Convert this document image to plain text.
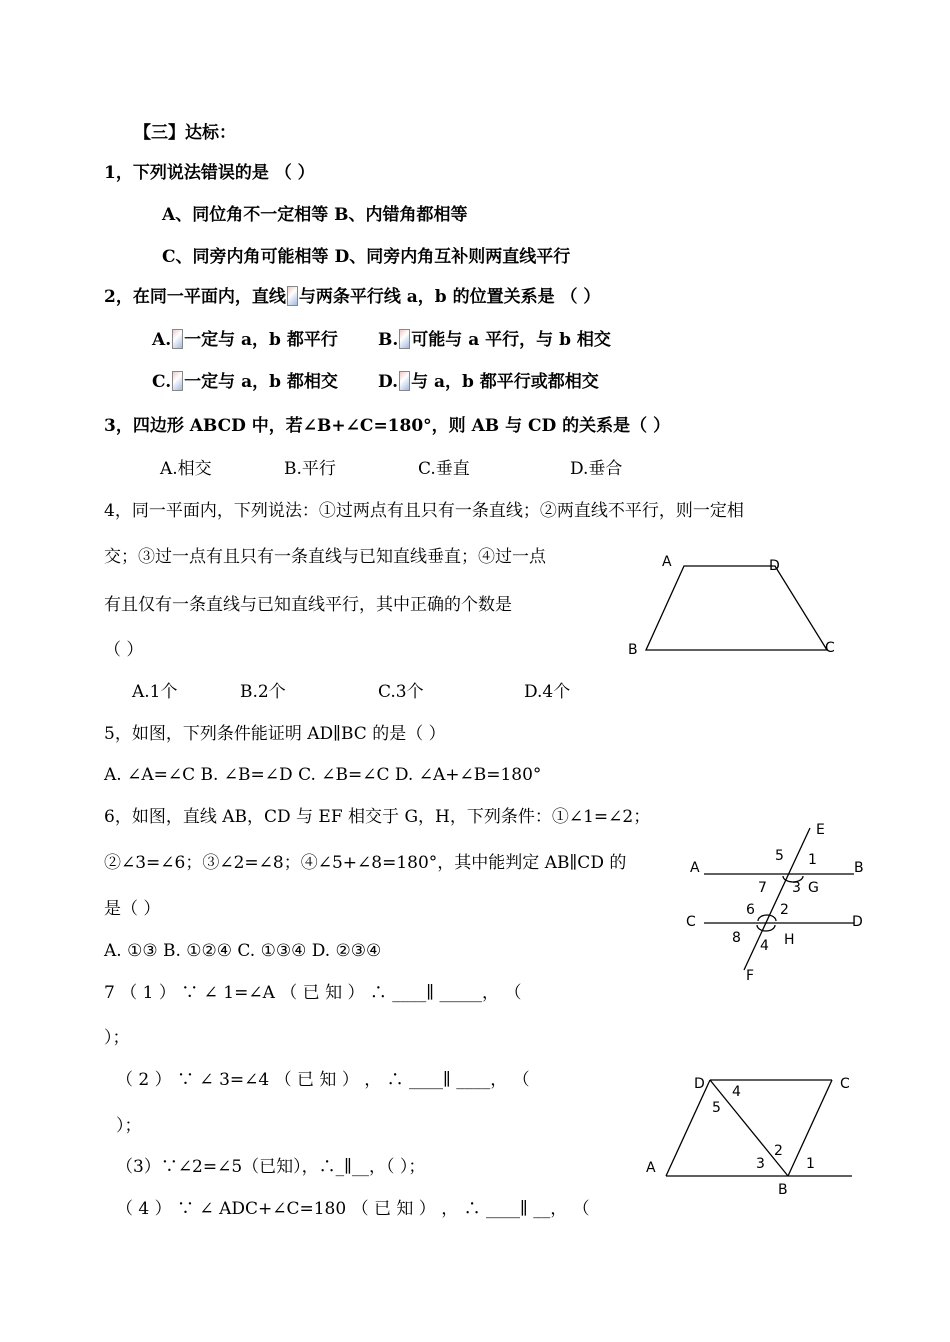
【三】达标：
1，下列说法错误的是 （ ）
A、同位角不一定相等 B、内错角都相等
C、同旁内角可能相等 D、同旁内角互补则两直线平行
2，在同一平面内，直线 与两条平行线 a，b 的位置关系是 （ ）
A. 一定与 a，b 都平行 B. 可能与 a 平行，与 b 相交
C. 一定与 a，b 都相交 D. 与 a，b 都平行或都相交
3，四边形 ABCD 中，若∠B+∠C=180°，则 AB 与 CD 的关系是（ ）
A.相交	B.平行	C.垂直	D.垂合
4，同一平面内，下列说法：①过两点有且只有一条直线；②两直线不平行，则一定相
交；③过一点有且只有一条直线与已知直线垂直；④过一点
有且仅有一条直线与已知直线平行，其中正确的个数是
（ ）
A.1个	B.2个	C.3个	D.4个
A	D
B	C
5，如图，下列条件能证明 AD∥BC 的是（ ）
A. ∠A=∠C B. ∠B=∠D C. ∠B=∠C D. ∠A+∠B=180°
6，如图，直线 AB，CD 与 EF 相交于 G，H，下列条件：①∠1=∠2；
②∠3=∠6；③∠2=∠8；④∠5+∠8=180°，其中能判定 AB∥CD 的
是（ ）
A. ①③ B. ①②④ C. ①③④ D. ②③④
E
A	B
C	D
F
G
H
1
2
3
4
5
6
7
8
7 （ 1 ） ∵ ∠ 1=∠A （ 已 知 ） ∴ ____∥ _____， （
）；
（ 2 ） ∵ ∠ 3=∠4 （ 已 知 ） ， ∴ ____∥ ____， （
）；
（3）∵∠2=∠5（已知），∴_∥__，（ ）；
（ 4 ） ∵ ∠ ADC+∠C=180 （ 已 知 ） ， ∴ ____∥ __， （
D	C
A
B
1
2
3
4
5
